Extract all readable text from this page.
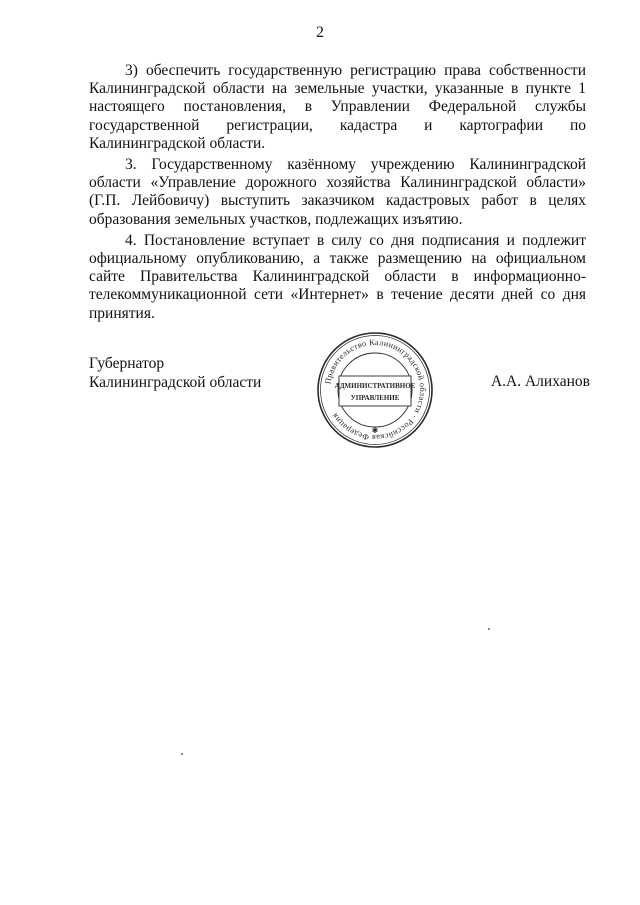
2

3) обеспечить государственную регистрацию права собственности Калининградской области на земельные участки, указанные в пункте 1 настоящего постановления, в Управлении Федеральной службы государственной регистрации, кадастра и картографии по Калининградской области.

3. Государственному казённому учреждению Калининградской области «Управление дорожного хозяйства Калининградской области» (Г.П. Лейбовичу) выступить заказчиком кадастровых работ в целях образования земельных участков, подлежащих изъятию.

4. Постановление вступает в силу со дня подписания и подлежит официальному опубликованию, а также размещению на официальном сайте Правительства Калининградской области в информационно-телекоммуникационной сети «Интернет» в течение десяти дней со дня принятия.

Губернатор
Калининградской области	Правительство Калининградской области · Российская Федерация
АДМИНИСТРАТИВНОЕ
УПРАВЛЕНИЕ
✱
А.А. Алиханов
